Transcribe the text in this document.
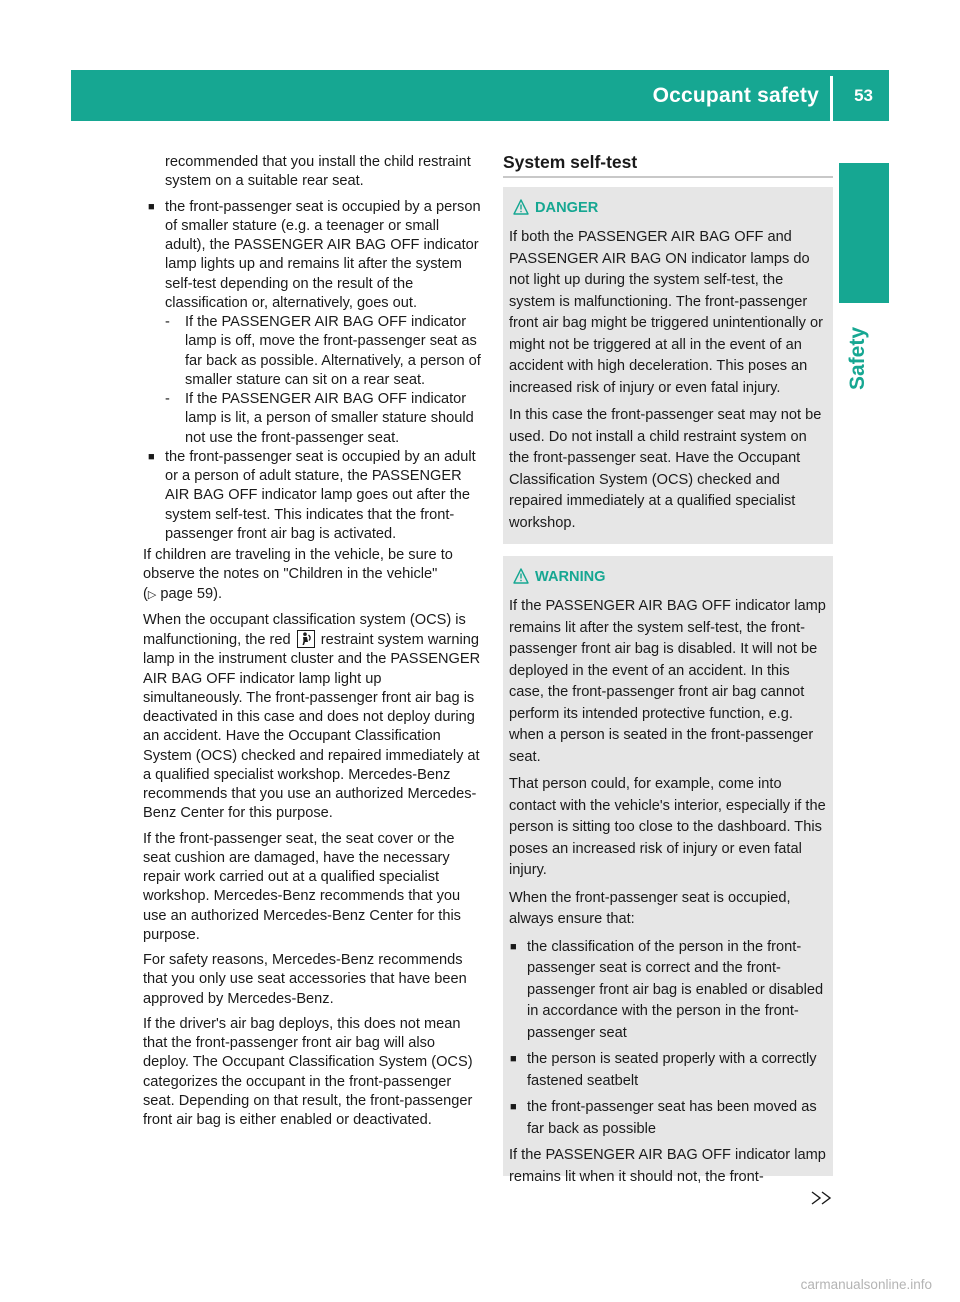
Occupant safety 53
Safety

recommended that you install the child restraint system on a suitable rear seat.

■ the front-passenger seat is occupied by a person of smaller stature (e.g. a teenager or small adult), the PASSENGER AIR BAG OFF indicator lamp lights up and remains lit after the system self-test depending on the result of the classification or, alternatively, goes out.
- If the PASSENGER AIR BAG OFF indicator lamp is off, move the front-passenger seat as far back as possible. Alternatively, a person of smaller stature can sit on a rear seat.
- If the PASSENGER AIR BAG OFF indicator lamp is lit, a person of smaller stature should not use the front-passenger seat.
■ the front-passenger seat is occupied by an adult or a person of adult stature, the PASSENGER AIR BAG OFF indicator lamp goes out after the system self-test. This indicates that the front-passenger front air bag is activated.

If children are traveling in the vehicle, be sure to observe the notes on "Children in the vehicle"
(▷ page 59).

When the occupant classification system (OCS) is malfunctioning, the red restraint system warning lamp in the instrument cluster and the PASSENGER AIR BAG OFF indicator lamp light up simultaneously. The front-passenger front air bag is deactivated in this case and does not deploy during an accident. Have the Occupant Classification System (OCS) checked and repaired immediately at a qualified specialist workshop. Mercedes-Benz recommends that you use an authorized Mercedes-Benz Center for this purpose.

If the front-passenger seat, the seat cover or the seat cushion are damaged, have the necessary repair work carried out at a qualified specialist workshop. Mercedes-Benz recommends that you use an authorized Mercedes-Benz Center for this purpose.

For safety reasons, Mercedes-Benz recommends that you only use seat accessories that have been approved by Mercedes-Benz.

If the driver's air bag deploys, this does not mean that the front-passenger front air bag will also deploy. The Occupant Classification System (OCS) categorizes the occupant in the front-passenger seat. Depending on that result, the front-passenger front air bag is either enabled or deactivated.

System self-test
DANGER

If both the PASSENGER AIR BAG OFF and PASSENGER AIR BAG ON indicator lamps do not light up during the system self-test, the system is malfunctioning. The front-passenger front air bag might be triggered unintentionally or might not be triggered at all in the event of an accident with high deceleration. This poses an increased risk of injury or even fatal injury.

In this case the front-passenger seat may not be used. Do not install a child restraint system on the front-passenger seat. Have the Occupant Classification System (OCS) checked and repaired immediately at a qualified specialist workshop.

WARNING

If the PASSENGER AIR BAG OFF indicator lamp remains lit after the system self-test, the front-passenger front air bag is disabled. It will not be deployed in the event of an accident. In this case, the front-passenger front air bag cannot perform its intended protective function, e.g. when a person is seated in the front-passenger seat.

That person could, for example, come into contact with the vehicle's interior, especially if the person is sitting too close to the dashboard. This poses an increased risk of injury or even fatal injury.

When the front-passenger seat is occupied, always ensure that:

■ the classification of the person in the front-passenger seat is correct and the front-passenger front air bag is enabled or disabled in accordance with the person in the front-passenger seat
■ the person is seated properly with a correctly fastened seatbelt
■ the front-passenger seat has been moved as far back as possible

If the PASSENGER AIR BAG OFF indicator lamp remains lit when it should not, the front-

carmanualsonline.info
